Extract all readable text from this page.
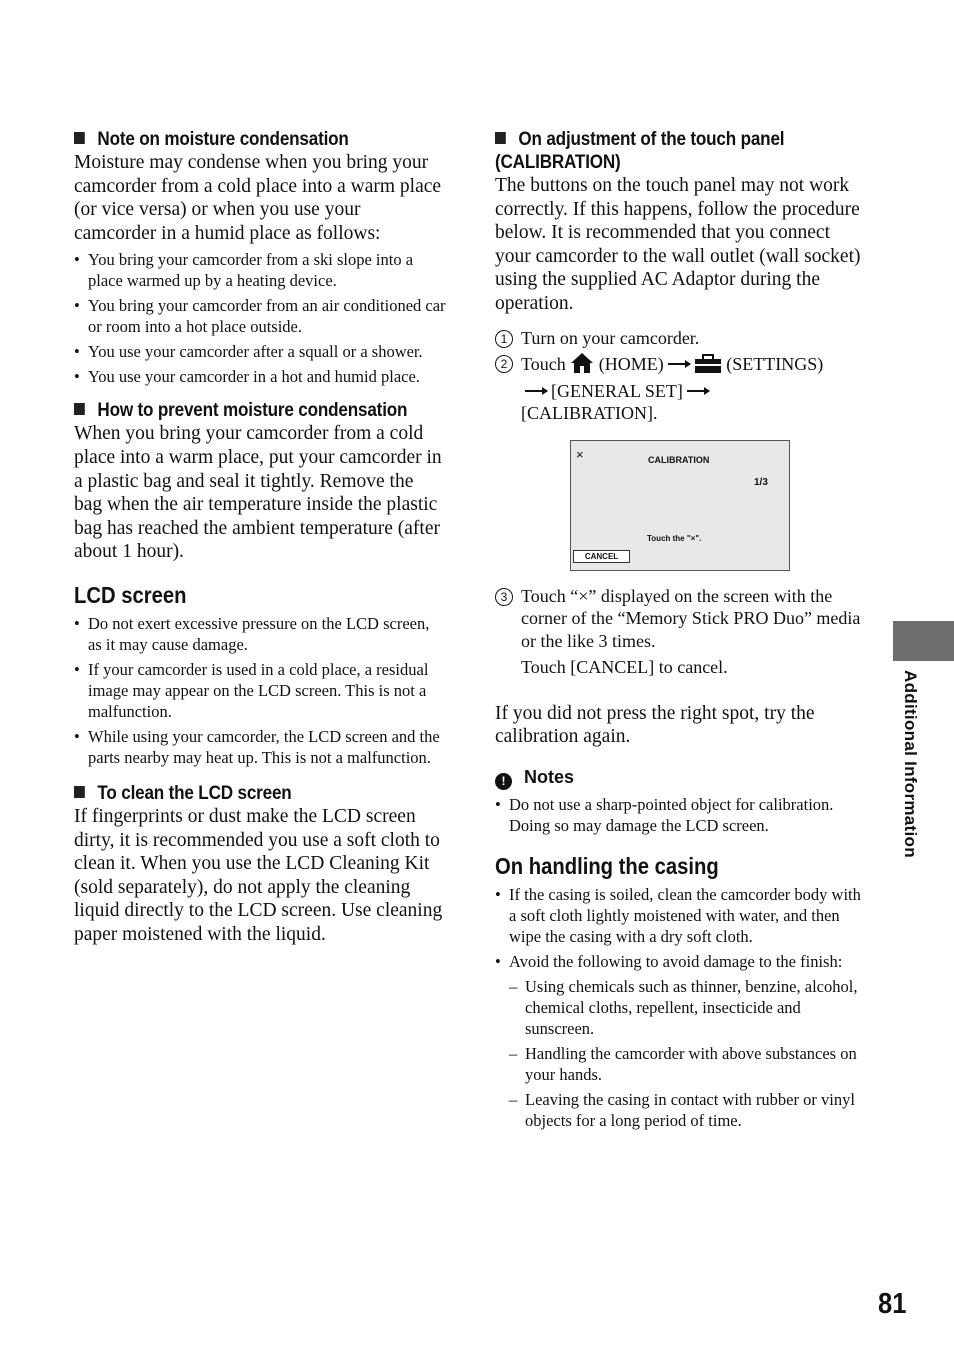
Note on moisture condensation

Moisture may condense when you bring your camcorder from a cold place into a warm place (or vice versa) or when you use your camcorder in a humid place as follows:

• You bring your camcorder from a ski slope into a place warmed up by a heating device.
• You bring your camcorder from an air conditioned car or room into a hot place outside.
• You use your camcorder after a squall or a shower.
• You use your camcorder in a hot and humid place.
How to prevent moisture condensation

When you bring your camcorder from a cold place into a warm place, put your camcorder in a plastic bag and seal it tightly. Remove the bag when the air temperature inside the plastic bag has reached the ambient temperature (after about 1 hour).

LCD screen
• Do not exert excessive pressure on the LCD screen, as it may cause damage.
• If your camcorder is used in a cold place, a residual image may appear on the LCD screen. This is not a malfunction.
• While using your camcorder, the LCD screen and the parts nearby may heat up. This is not a malfunction.
To clean the LCD screen

If fingerprints or dust make the LCD screen dirty, it is recommended you use a soft cloth to clean it. When you use the LCD Cleaning Kit (sold separately), do not apply the cleaning liquid directly to the LCD screen. Use cleaning paper moistened with the liquid.

On adjustment of the touch panel (CALIBRATION)

The buttons on the touch panel may not work correctly. If this happens, follow the procedure below. It is recommended that you connect your camcorder to the wall outlet (wall socket) using the supplied AC Adaptor during the operation.

1 Turn on your camcorder.
2 Touch (HOME)	(SETTINGS)
[GENERAL SET]
[CALIBRATION].
×	CALIBRATION
1/3
Touch the "×".
CANCEL
3 Touch “×” displayed on the screen with the corner of the “Memory Stick PRO Duo” media or the like 3 times.
Touch [CANCEL] to cancel.

If you did not press the right spot, try the calibration again.

! Notes
• Do not use a sharp-pointed object for calibration. Doing so may damage the LCD screen.
On handling the casing
• If the casing is soiled, clean the camcorder body with a soft cloth lightly moistened with water, and then wipe the casing with a dry soft cloth.
• Avoid the following to avoid damage to the finish:
– Using chemicals such as thinner, benzine, alcohol, chemical cloths, repellent, insecticide and sunscreen.
– Handling the camcorder with above substances on your hands.
– Leaving the casing in contact with rubber or vinyl objects for a long period of time.
Additional Information
81
